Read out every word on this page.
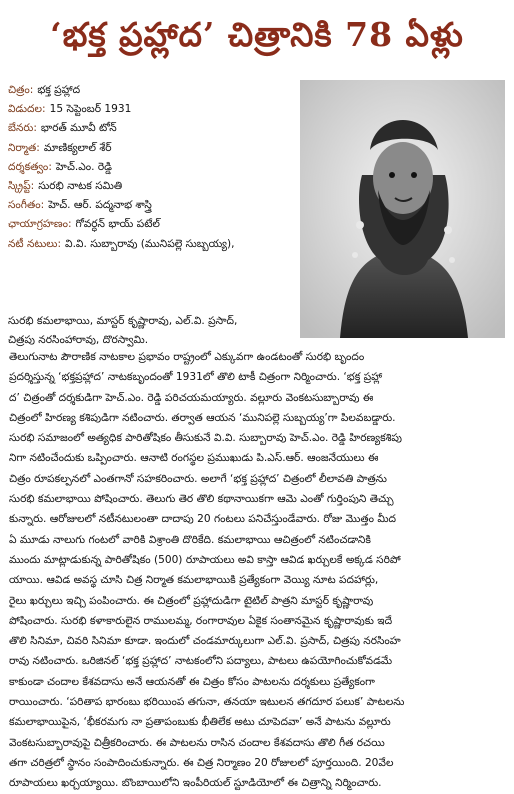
‘భక్త ప్రహ్లాద’ చిత్రానికి 78 ఏళ్లు
చిత్రం: భక్త ప్రహ్లాద
విడుదల: 15 సెప్టెంబర్ 1931
బేనరు: భారత్ మూవీ టోన్
నిర్మాత: మాణిక్యలాల్ శేర్
దర్శకత్వం: హెచ్.ఎం. రెడ్డి
స్క్రిప్ట్: సురభి నాటక సమితి
సంగీతం: హెచ్. ఆర్. పద్మనాభ శాస్త్రి
ఛాయాగ్రహణం: గోవర్ధన్ భాయ్ పటేల్
నటీ నటులు: వి.వి. సుబ్బారావు (మునిపల్లె సుబ్బయ్య),
సురభి కమలాభాయి, మాస్టర్ కృష్ణారావు, ఎల్.వి. ప్రసాద్,
చిత్రపు నరసింహారావు, దొరస్వామి.
తెలుగునాట పౌరాణిక నాటకాల ప్రభావం రాష్ట్రంలో ఎక్కువగా ఉండటంతో సురభి బృందం
ప్రదర్శిస్తున్న ‘భక్తప్రహ్లాద’ నాటకబృందంతో 1931లో తొలి టాకీ చిత్రంగా నిర్మించారు. ‘భక్త ప్రహ్లా
ద’ చిత్రంతో దర్శకుడిగా హెచ్.ఎం. రెడ్డి పరిచయమయ్యారు. వల్లూరు వెంకటసుబ్బారావు ఈ
చిత్రంలో హిరణ్య కశిపుడిగా నటించారు. తర్వాత ఆయన ‘మునిపల్లె సుబ్బయ్య’గా పిలవబడ్డారు.
సురభి సమాజంలో అత్యధిక పారితోషికం తీసుకునే వి.వి. సుబ్బారావు హెచ్.ఎం. రెడ్డి హిరణ్యకశిపు
నిగా నటించేందుకు ఒప్పించారు. ఆనాటి రంగస్థల ప్రముఖుడు పి.ఎస్.ఆర్. ఆంజనేయులు ఈ
చిత్రం రూపకల్పనలో ఎంతగానో సహకరించారు. అలాగే ‘భక్త ప్రహ్లాద’ చిత్రంలో లీలావతి పాత్రను
సురభి కమలాభాయి పోషించారు. తెలుగు తెర తొలి కథానాయికగా ఆమె ఎంతో గుర్తింపుని తెచ్చు
కున్నారు. ఆరోజులలో నటీనటులంతా దాదాపు 20 గంటలు పనిచేస్తుండేవారు. రోజు మొత్తం మీద
ఏ మూడు నాలుగు గంటలో వారికి విశ్రాంతి దొరికేది. కమలాభాయి ఆచిత్రంలో నటించడానికి
ముందు మాట్లాడుకున్న పారితోషికం (500) రూపాయలు అవి కాస్తా ఆవిడ ఖర్చులకే అక్కడ సరిపో
యాయి. ఆవిడ అవస్థ చూసి చిత్ర నిర్మాత కమలాభాయికి ప్రత్యేకంగా వెయ్యి నూట పదహార్లు,
రైలు ఖర్చులు ఇచ్చి పంపించారు. ఈ చిత్రంలో ప్రహ్లాదుడిగా టైటిల్ పాత్రని మాస్టర్ కృష్ణారావు
పోషించారు. సురభి కళాకారులైన రాములమ్మ, రంగారావుల ఏకైక సంతానమైన కృష్ణారావుకు ఇదే
తొలి సినిమా, చివరి సినిమా కూడా. ఇందులో చండమార్కులుగా ఎల్.వి. ప్రసాద్, చిత్రపు నరసింహ
రావు నటించారు. ఒరిజినల్ ‘భక్త ప్రహ్లాద’ నాటకంలోని పద్యాలు, పాటలు ఉపయోగించుకోవడమే
కాకుండా చందాల కేశవదాసు అనే ఆయనతో ఈ చిత్రం కోసం పాటలను దర్శకులు ప్రత్యేకంగా
రాయించారు. ‘పరితాప భారంబు భరియింప తగునా, తనయా ఇటులన తగదూర పలుక’ పాటలను
కమలాభాయిపైన, ‘భీకరమగు నా ప్రతాపంబుకు భీతిలేక అటు చూపెదవా’ అనే పాటను వల్లూరు
వెంకటసుబ్బారావుపై చిత్రీకరించారు. ఈ పాటలను రాసిన చందాల కేశవదాసు తొలి గీత రచయి
తగా చరిత్రలో స్థానం సంపాదించుకున్నారు. ఈ చిత్ర నిర్మాణం 20 రోజులలో పూర్తయింది. 20వేల
రూపాయలు ఖర్చయ్యాయి. బొంబాయిలోని ఇంపీరియల్ స్టూడియోలో ఈ చిత్రాన్ని నిర్మించారు.
